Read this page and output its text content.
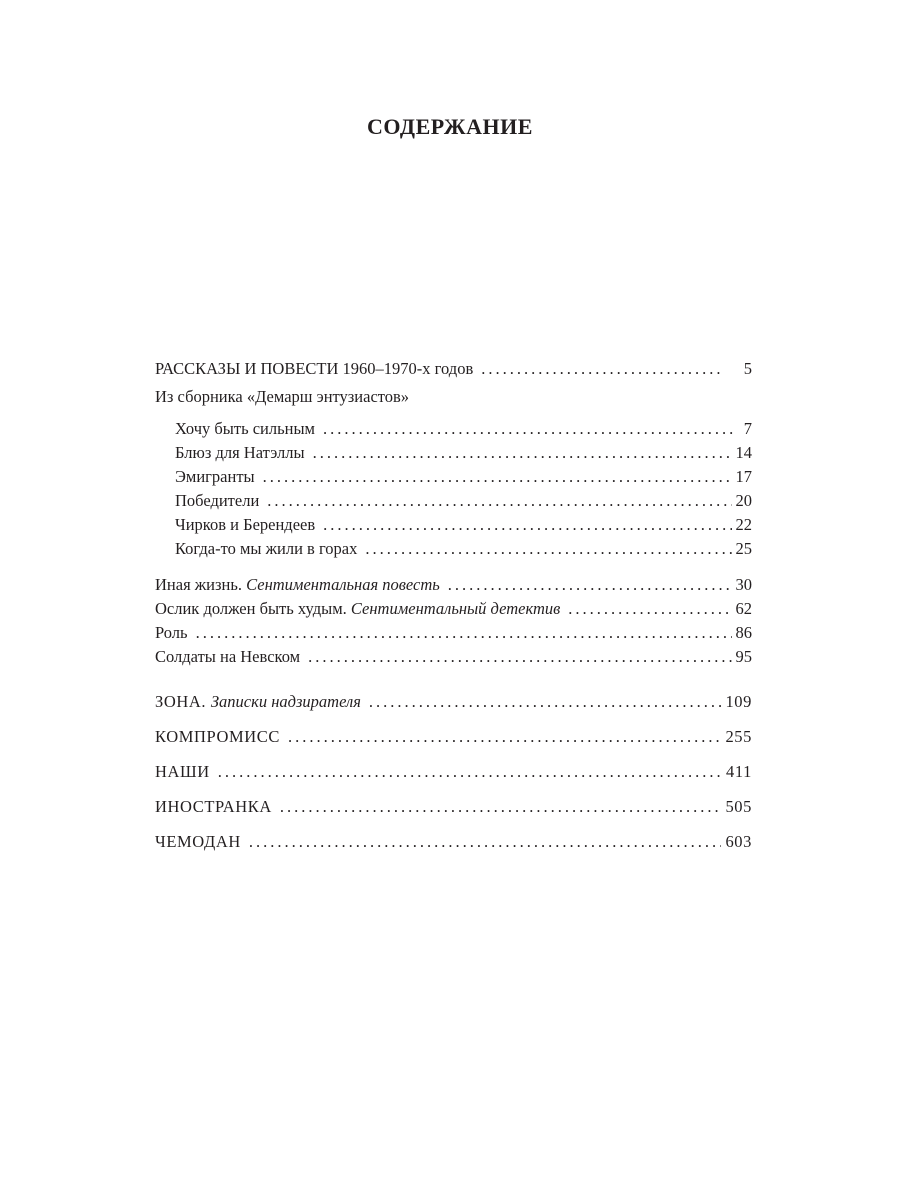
СОДЕРЖАНИЕ
РАССКАЗЫ И ПОВЕСТИ 1960–1970-х годов .....	5
Из сборника «Демарш энтузиастов»
Хочу быть сильным .....	7
Блюз для Натэллы .....	14
Эмигранты .....	17
Победители .....	20
Чирков и Берендеев .....	22
Когда-то мы жили в горах .....	25
Иная жизнь. Сентиментальная повесть .....	30
Ослик должен быть худым. Сентиментальный детектив .....	62
Роль .....	86
Солдаты на Невском .....	95
ЗОНА. Записки надзирателя .....	109
КОМПРОМИСС .....	255
НАШИ .....	411
ИНОСТРАНКА .....	505
ЧЕМОДАН .....	603
